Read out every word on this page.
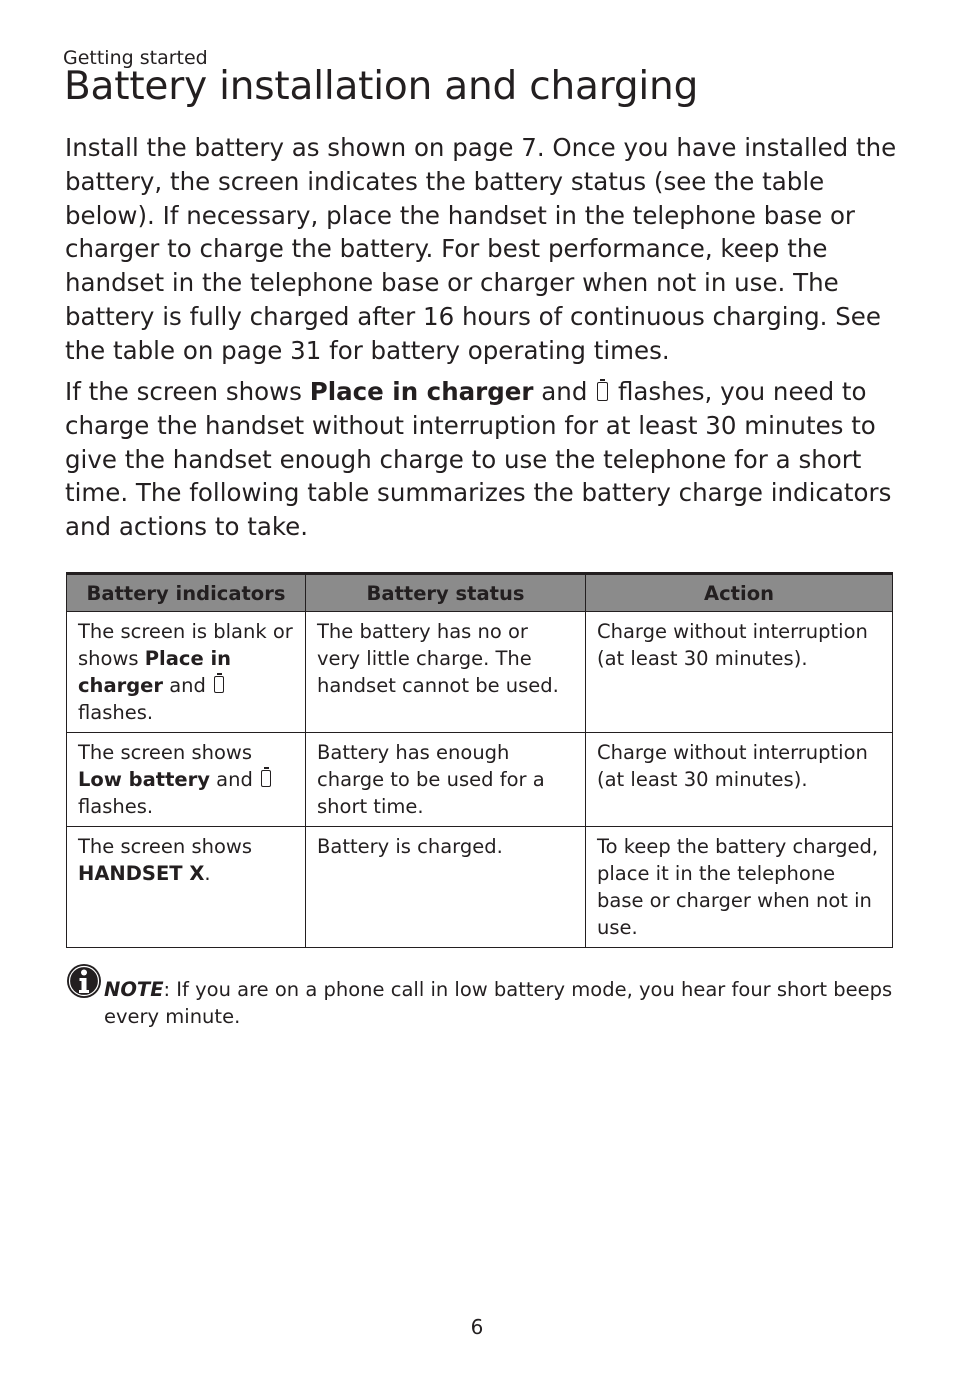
Getting started
Battery installation and charging

Install the battery as shown on page 7. Once you have installed the battery, the screen indicates the battery status (see the table below). If necessary, place the handset in the telephone base or charger to charge the battery. For best performance, keep the handset in the telephone base or charger when not in use. The battery is fully charged after 16 hours of continuous charging. See the table on page 31 for battery operating times.

If the screen shows Place in charger and  flashes, you need to charge the handset without interruption for at least 30 minutes to give the handset enough charge to use the telephone for a short time. The following table summarizes the battery charge indicators and actions to take.

Battery indicators	Battery status	Action
The screen is blank or shows Place in charger and  flashes.	The battery has no or very little charge. The handset cannot be used.	Charge without interruption (at least 30 minutes).
The screen shows Low battery and  flashes.	Battery has enough charge to be used for a short time.	Charge without interruption (at least 30 minutes).
The screen shows HANDSET X.	Battery is charged.	To keep the battery charged, place it in the telephone base or charger when not in use.
NOTE: If you are on a phone call in low battery mode, you hear four short beeps every minute.
6
